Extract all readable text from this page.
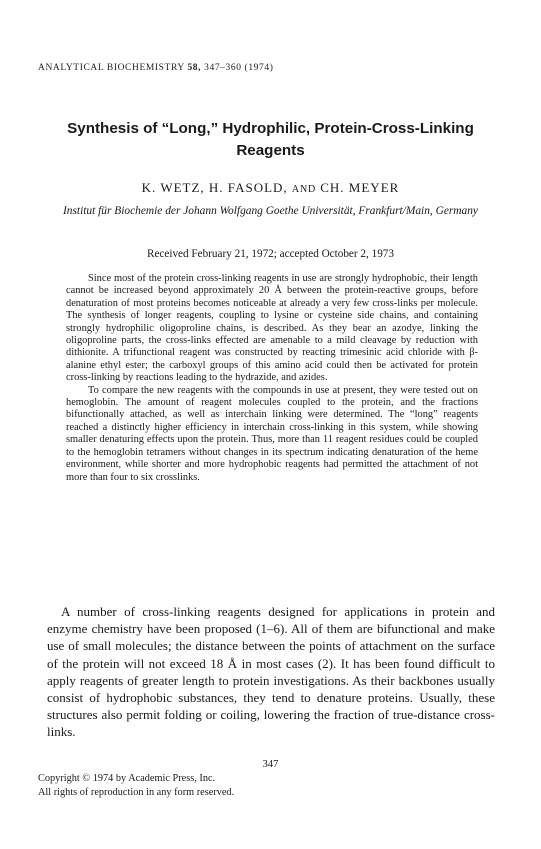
ANALYTICAL BIOCHEMISTRY 58, 347–360 (1974)
Synthesis of “Long,” Hydrophilic, Protein-Cross-Linking Reagents
K. WETZ, H. FASOLD, AND CH. MEYER
Institut für Biochemie der Johann Wolfgang Goethe Universität, Frankfurt/Main, Germany
Received February 21, 1972; accepted October 2, 1973

Since most of the protein cross-linking reagents in use are strongly hydrophobic, their length cannot be increased beyond approximately 20 Å between the protein-reactive groups, before denaturation of most proteins becomes noticeable at already a very few cross-links per molecule. The synthesis of longer reagents, coupling to lysine or cysteine side chains, and containing strongly hydrophilic oligoproline chains, is described. As they bear an azodye, linking the oligoproline parts, the cross-links effected are amenable to a mild cleavage by reduction with dithionite. A trifunctional reagent was constructed by reacting trimesinic acid chloride with β-alanine ethyl ester; the carboxyl groups of this amino acid could then be activated for protein cross-linking by reactions leading to the hydrazide, and azides.

To compare the new reagents with the compounds in use at present, they were tested out on hemoglobin. The amount of reagent molecules coupled to the protein, and the fractions bifunctionally attached, as well as interchain linking were determined. The “long” reagents reached a distinctly higher efficiency in interchain cross-linking in this system, while showing smaller denaturing effects upon the protein. Thus, more than 11 reagent residues could be coupled to the hemoglobin tetramers without changes in its spectrum indicating denaturation of the heme environment, while shorter and more hydrophobic reagents had permitted the attachment of not more than four to six crosslinks.

A number of cross-linking reagents designed for applications in protein and enzyme chemistry have been proposed (1–6). All of them are bifunctional and make use of small molecules; the distance between the points of attachment on the surface of the protein will not exceed 18 Å in most cases (2). It has been found difficult to apply reagents of greater length to protein investigations. As their backbones usually consist of hydrophobic substances, they tend to denature proteins. Usually, these structures also permit folding or coiling, lowering the fraction of true-distance cross-links.

347
Copyright © 1974 by Academic Press, Inc.
All rights of reproduction in any form reserved.
